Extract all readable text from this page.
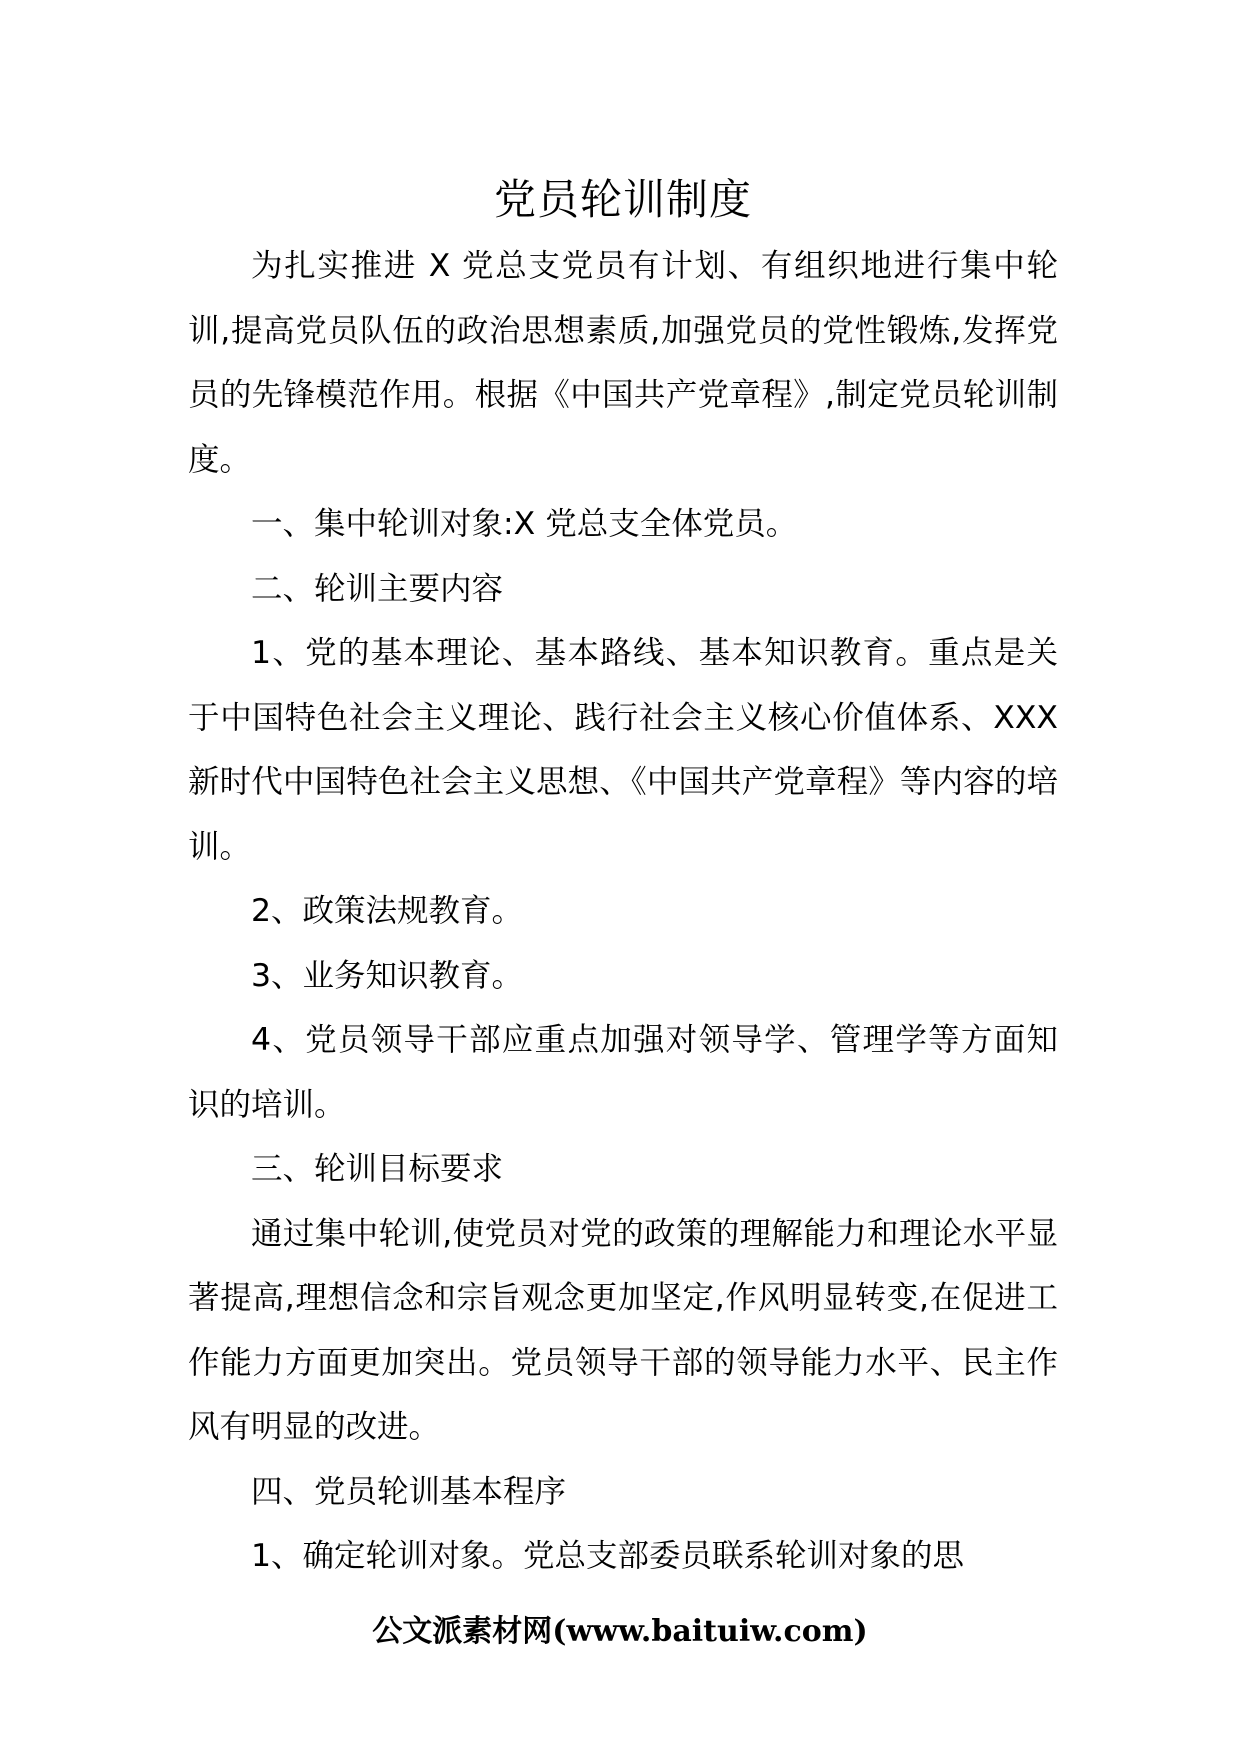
党员轮训制度

为扎实推进 X 党总支党员有计划、有组织地进行集中轮训,提高党员队伍的政治思想素质,加强党员的党性锻炼,发挥党员的先锋模范作用。根据《中国共产党章程》,制定党员轮训制度。

一、集中轮训对象:X 党总支全体党员。

二、轮训主要内容

1、党的基本理论、基本路线、基本知识教育。重点是关于中国特色社会主义理论、践行社会主义核心价值体系、XXX 新时代中国特色社会主义思想、《中国共产党章程》等内容的培训。

2、政策法规教育。

3、业务知识教育。

4、党员领导干部应重点加强对领导学、管理学等方面知识的培训。

三、轮训目标要求

通过集中轮训,使党员对党的政策的理解能力和理论水平显著提高,理想信念和宗旨观念更加坚定,作风明显转变,在促进工作能力方面更加突出。党员领导干部的领导能力水平、民主作风有明显的改进。

四、党员轮训基本程序

1、确定轮训对象。党总支部委员联系轮训对象的思

公文派素材网(www.baituiw.com)
